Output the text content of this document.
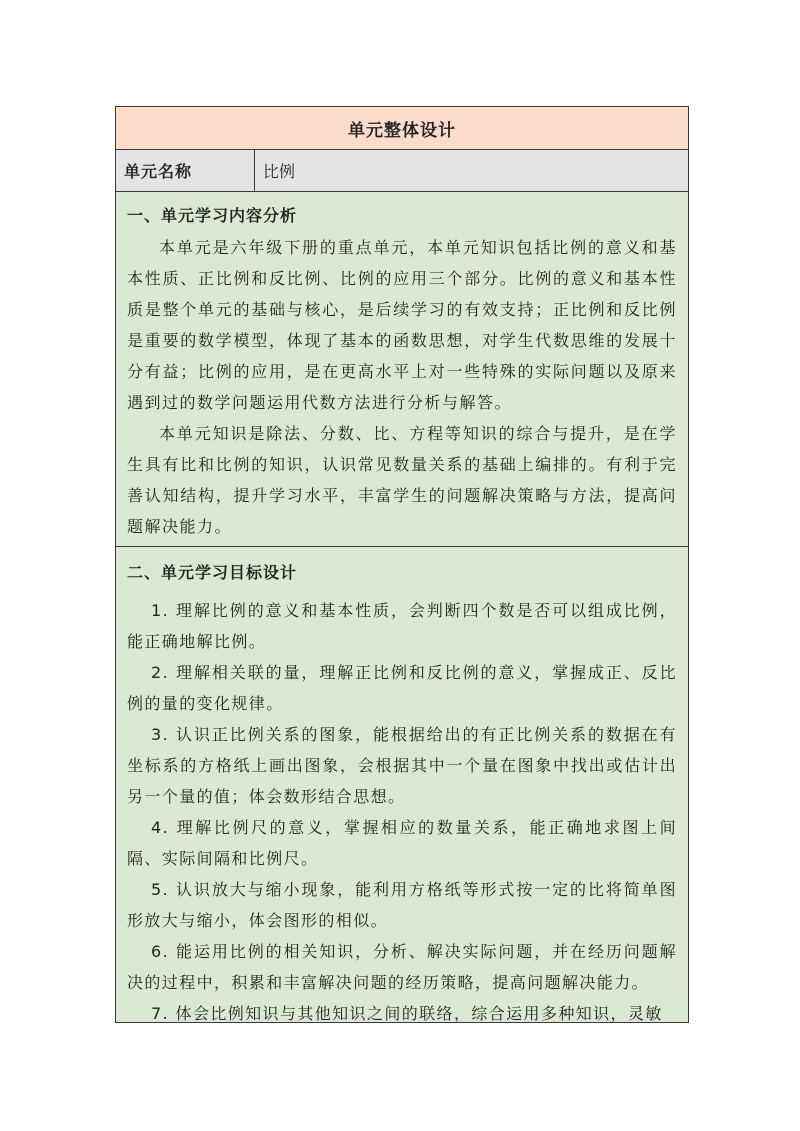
单元整体设计
单元名称	比例
一、单元学习内容分析

本单元是六年级下册的重点单元，本单元知识包括比例的意义和基本性质、正比例和反比例、比例的应用三个部分。比例的意义和基本性质是整个单元的基础与核心，是后续学习的有效支持；正比例和反比例是重要的数学模型，体现了基本的函数思想，对学生代数思维的发展十分有益；比例的应用，是在更高水平上对一些特殊的实际问题以及原来遇到过的数学问题运用代数方法进行分析与解答。

本单元知识是除法、分数、比、方程等知识的综合与提升，是在学生具有比和比例的知识，认识常见数量关系的基础上编排的。有利于完善认知结构，提升学习水平，丰富学生的问题解决策略与方法，提高问题解决能力。

二、单元学习目标设计

1. 理解比例的意义和基本性质，会判断四个数是否可以组成比例，能正确地解比例。

2. 理解相关联的量，理解正比例和反比例的意义，掌握成正、反比例的量的变化规律。

3. 认识正比例关系的图象，能根据给出的有正比例关系的数据在有坐标系的方格纸上画出图象，会根据其中一个量在图象中找出或估计出另一个量的值；体会数形结合思想。

4. 理解比例尺的意义，掌握相应的数量关系，能正确地求图上间隔、实际间隔和比例尺。

5. 认识放大与缩小现象，能利用方格纸等形式按一定的比将简单图形放大与缩小，体会图形的相似。

6. 能运用比例的相关知识，分析、解决实际问题，并在经历问题解决的过程中，积累和丰富解决问题的经历策略，提高问题解决能力。

7. 体会比例知识与其他知识之间的联络，综合运用多种知识，灵敏
